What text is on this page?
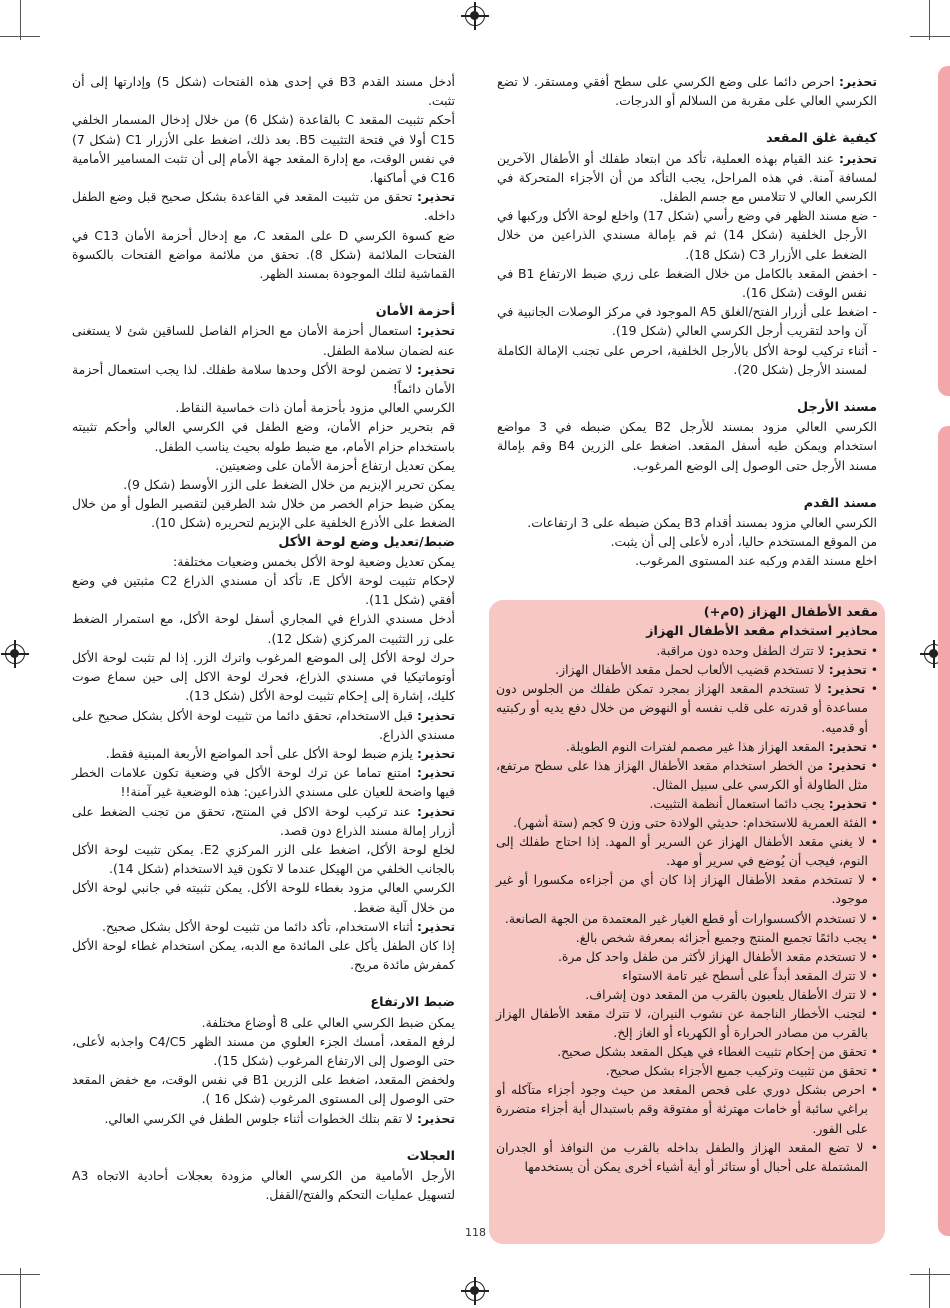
تحذير: احرص دائما على وضع الكرسي على سطح أفقي ومستقر. لا تضع الكرسي العالي على مقربة من السلالم أو الدرجات.

كيفية غلق المقعد

تحذير: عند القيام بهذه العملية، تأكد من ابتعاد طفلك أو الأطفال الآخرين لمسافة آمنة. في هذه المراحل، يجب التأكد من أن الأجزاء المتحركة في الكرسي العالي لا تتلامس مع جسم الطفل.

- ضع مسند الظهر في وضع رأسي (شكل 17) واخلع لوحة الأكل وركبها في الأرجل الخلفية (شكل 14) ثم قم بإمالة مسندي الذراعين من خلال الضغط على الأزرار C3 (شكل 18).

- اخفض المقعد بالكامل من خلال الضغط على زري ضبط الارتفاع B1 في نفس الوقت (شكل 16).

- اضغط على أزرار الفتح/الغلق A5 الموجود في مركز الوصلات الجانبية في آن واحد لتقريب أرجل الكرسي العالي (شكل 19).

- أثناء تركيب لوحة الأكل بالأرجل الخلفية، احرص على تجنب الإمالة الكاملة لمسند الأرجل (شكل 20).

مسند الأرجل

الكرسي العالي مزود بمسند للأرجل B2 يمكن ضبطه في 3 مواضع استخدام ويمكن طيه أسفل المقعد. اضغط على الزرين B4 وقم بإمالة مسند الأرجل حتى الوصول إلى الوضع المرغوب.

مسند القدم

الكرسي العالي مزود بمسند أقدام B3 يمكن ضبطه على 3 ارتفاعات.

من الموقع المستخدم حاليا، أدره لأعلى إلى أن يثبت.

اخلع مسند القدم وركبه عند المستوى المرغوب.

مقعد الأطفال الهزاز (0م+)
محاذير استخدام مقعد الأطفال الهزاز

• تحذير: لا تترك الطفل وحده دون مراقبة.

• تحذير: لا تستخدم قضيب الألعاب لحمل مقعد الأطفال الهزاز.

• تحذير: لا تستخدم المقعد الهزاز بمجرد تمكن طفلك من الجلوس دون مساعدة أو قدرته على قلب نفسه أو النهوض من خلال دفع يديه أو ركبتيه أو قدميه.

• تحذير: المقعد الهزاز هذا غير مصمم لفترات النوم الطويلة.

• تحذير: من الخطر استخدام مقعد الأطفال الهزاز هذا على سطح مرتفع، مثل الطاولة أو الكرسي على سبيل المثال.

• تحذير: يجب دائما استعمال أنظمة التثبيت.

• الفئة العمرية للاستخدام: حديثي الولادة حتى وزن 9 كجم (ستة أشهر).

• لا يغني مقعد الأطفال الهزاز عن السرير أو المهد. إذا احتاج طفلك إلى النوم، فيجب أن يُوضع في سرير أو مهد.

• لا تستخدم مقعد الأطفال الهزاز إذا كان أي من أجزاءه مكسورا أو غير موجود.

• لا تستخدم الأكسسوارات أو قطع الغيار غير المعتمدة من الجهة الصانعة.

• يجب دائمًا تجميع المنتج وجميع أجزائه بمعرفة شخص بالغ.

• لا تستخدم مقعد الأطفال الهزاز لأكثر من طفل واحد كل مرة.

• لا تترك المقعد أبداً على أسطح غير تامة الاستواء

• لا تترك الأطفال يلعبون بالقرب من المقعد دون إشراف.

• لتجنب الأخطار الناجمة عن نشوب النيران، لا تترك مقعد الأطفال الهزاز بالقرب من مصادر الحرارة أو الكهرباء أو الغاز إلخ.

• تحقق من إحكام تثبيت الغطاء في هيكل المقعد بشكل صحيح.

• تحقق من تثبيت وتركيب جميع الأجزاء بشكل صحيح.

• احرص بشكل دوري على فحص المقعد من حيث وجود أجزاء متآكله أو براغي سائبة أو خامات مهترئة أو مفتوقة وقم باستبدال أية أجزاء متضررة على الفور.

• لا تضع المقعد الهزاز والطفل بداخله بالقرب من النوافذ أو الجدران المشتملة على أحبال أو ستائر أو أية أشياء أخرى يمكن أن يستخدمها

أدخل مسند القدم B3 في إحدى هذه الفتحات (شكل 5) وإدارتها إلى أن تثبت.

أحكم تثبيت المقعد C بالقاعدة (شكل 6) من خلال إدخال المسمار الخلفي C15 أولا في فتحة التثبيت B5. بعد ذلك، اضغط على الأزرار C1 (شكل 7) في نفس الوقت، مع إدارة المقعد جهة الأمام إلى أن تثبت المسامير الأمامية C16 في أماكنها.

تحذير: تحقق من تثبيت المقعد في القاعدة بشكل صحيح قبل وضع الطفل داخله.

ضع كسوة الكرسي D على المقعد C، مع إدخال أحزمة الأمان C13 في الفتحات الملائمة (شكل 8). تحقق من ملائمة مواضع الفتحات بالكسوة القماشية لتلك الموجودة بمسند الظهر.

أحزمة الأمان

تحذير: استعمال أحزمة الأمان مع الحزام الفاصل للساقين شئ لا يستغنى عنه لضمان سلامة الطفل.

تحذير: لا تضمن لوحة الأكل وحدها سلامة طفلك. لذا يجب استعمال أحزمة الأمان دائماً!

الكرسي العالي مزود بأحزمة أمان ذات خماسية النقاط.

قم بتحرير حزام الأمان، وضع الطفل في الكرسي العالي وأحكم تثبيته باستخدام حزام الأمام، مع ضبط طوله بحيث يناسب الطفل.

يمكن تعديل ارتفاع أحزمة الأمان على وضعيتين.

يمكن تحرير الإبزيم من خلال الضغط على الزر الأوسط (شكل 9).

يمكن ضبط حزام الخصر من خلال شد الطرفين لتقصير الطول أو من خلال الضغط على الأذرع الخلفية على الإبزيم لتحريره (شكل 10).

ضبط/تعديل وضع لوحة الأكل

يمكن تعديل وضعية لوحة الأكل بخمس وضعيات مختلفة:

لإحكام تثبيت لوحة الأكل E، تأكد أن مسندي الذراع C2 مثبتين في وضع أفقي (شكل 11).

أدخل مسندي الذراع في المجاري أسفل لوحة الأكل، مع استمرار الضغط على زر التثبيت المركزي (شكل 12).

حرك لوحة الأكل إلى الموضع المرغوب واترك الزر. إذا لم تثبت لوحة الأكل أوتوماتيكيا في مسندي الذراع، فحرك لوحة الاكل إلى حين سماع صوت كليك، إشارة إلى إحكام تثبيت لوحة الأكل (شكل 13).

تحذير: قبل الاستخدام، تحقق دائما من تثبيت لوحة الأكل بشكل صحيح على مسندي الذراع.

تحذير: يلزم ضبط لوحة الأكل على أحد المواضع الأربعة المبنية فقط.

تحذير: امتنع تماما عن ترك لوحة الأكل في وضعية تكون علامات الخطر فيها واضحة للعيان على مسندي الذراعين: هذه الوضعية غير آمنة!!

تحذير: عند تركيب لوحة الاكل في المنتج، تحقق من تجنب الضغط على أزرار إمالة مسند الذراع دون قصد.

لخلع لوحة الأكل، اضغط على الزر المركزي E2. يمكن تثبيت لوحة الأكل بالجانب الخلفي من الهيكل عندما لا تكون قيد الاستخدام (شكل 14).

الكرسي العالي مزود بغطاء للوحة الأكل. يمكن تثبيته في جانبي لوحة الأكل من خلال آلية ضغط.

تحذير: أثناء الاستخدام، تأكد دائما من تثبيت لوحة الأكل بشكل صحيح.

إذا كان الطفل يأكل على المائدة مع الدبه، يمكن استخدام غطاء لوحة الأكل كمفرش مائدة مريح.

ضبط الارتفاع

يمكن ضبط الكرسي العالي على 8 أوضاع مختلفة.

لرفع المقعد، أمسك الجزء العلوي من مسند الظهر C4/C5 واجذبه لأعلى، حتى الوصول إلى الارتفاع المرغوب (شكل 15).

ولخفض المقعد، اضغط على الزرين B1 في نفس الوقت، مع خفض المقعد حتى الوصول إلى المستوى المرغوب (شكل 16 ).

تحذير: لا تقم بتلك الخطوات أثناء جلوس الطفل في الكرسي العالي.

العجلات

الأرجل الأمامية من الكرسي العالي مزودة بعجلات أحادية الاتجاه A3 لتسهيل عمليات التحكم والفتح/القفل.

118
